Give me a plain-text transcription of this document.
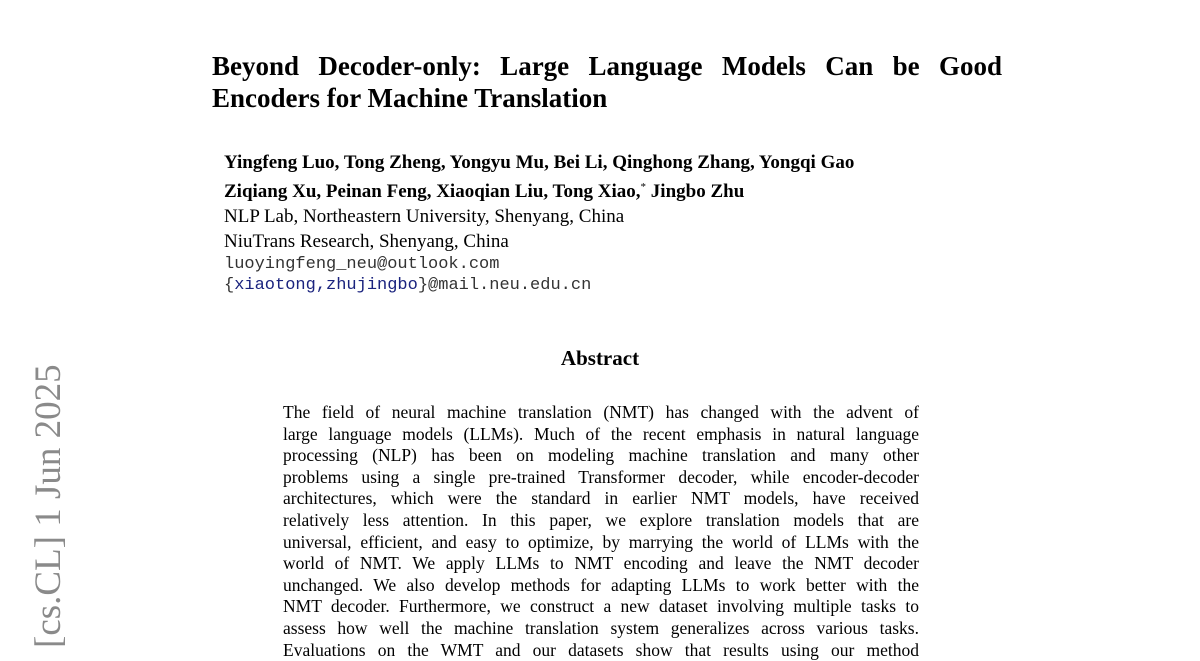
Beyond Decoder-only: Large Language Models Can be Good
Encoders for Machine Translation
Yingfeng Luo, Tong Zheng, Yongyu Mu, Bei Li, Qinghong Zhang, Yongqi Gao
Ziqiang Xu, Peinan Feng, Xiaoqian Liu, Tong Xiao,* Jingbo Zhu
NLP Lab, Northeastern University, Shenyang, China
NiuTrans Research, Shenyang, China
luoyingfeng_neu@outlook.com
{xiaotong,zhujingbo}@mail.neu.edu.cn
Abstract
The field of neural machine translation (NMT) has changed with the advent of
large language models (LLMs). Much of the recent emphasis in natural language
processing (NLP) has been on modeling machine translation and many other
problems using a single pre-trained Transformer decoder, while encoder-decoder
architectures, which were the standard in earlier NMT models, have received
relatively less attention. In this paper, we explore translation models that are
universal, efficient, and easy to optimize, by marrying the world of LLMs with the
world of NMT. We apply LLMs to NMT encoding and leave the NMT decoder
unchanged. We also develop methods for adapting LLMs to work better with the
NMT decoder. Furthermore, we construct a new dataset involving multiple tasks to
assess how well the machine translation system generalizes across various tasks.
Evaluations on the WMT and our datasets show that results using our method
[cs.CL] 1 Jun 2025
